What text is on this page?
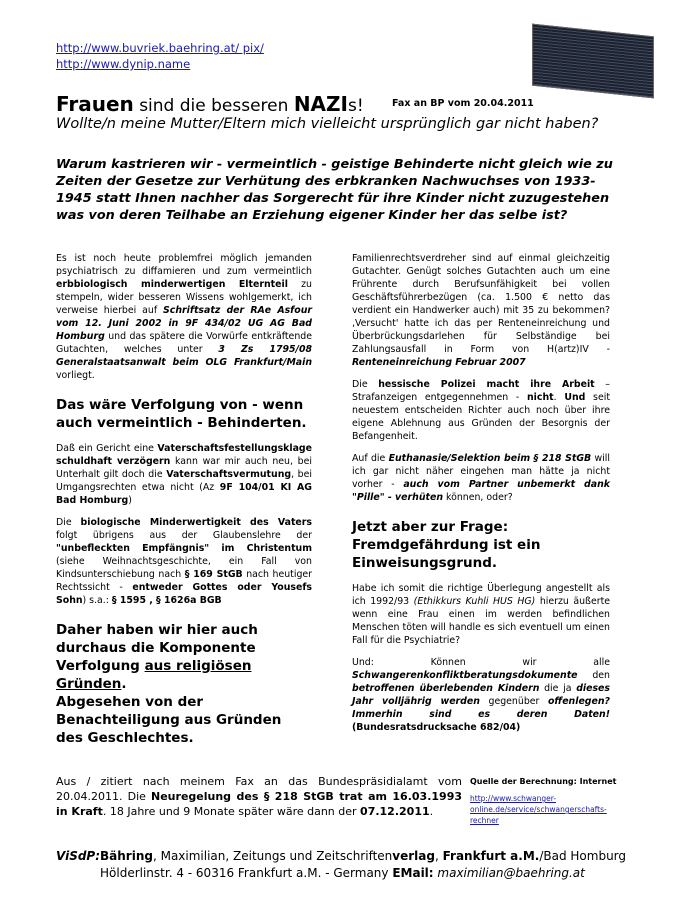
http://www.buvriek.baehring.at/ pix/
http://www.dynip.name
Frauen sind die besseren NAZIs!	Fax an BP vom 20.04.2011
Wollte/n meine Mutter/Eltern mich vielleicht ursprünglich gar nicht haben?
Warum kastrieren wir - vermeintlich - geistige Behinderte nicht gleich wie zu Zeiten der Gesetze zur Verhütung des erbkranken Nachwuchses von 1933-1945 statt Ihnen nachher das Sorgerecht für ihre Kinder nicht zuzugestehen was von deren Teilhabe an Erziehung eigener Kinder her das selbe ist?

Es ist noch heute problemfrei möglich jemanden psychiatrisch zu diffamieren und zum vermeintlich erbbiologisch minderwertigen Elternteil zu stempeln, wider besseren Wissens wohlgemerkt, ich verweise hierbei auf Schriftsatz der RAe Asfour vom 12. Juni 2002 in 9F 434/02 UG AG Bad Homburg und das spätere die Vorwürfe entkräftende Gutachten, welches unter 3 Zs 1795/08 Generalstaatsanwalt beim OLG Frankfurt/Main vorliegt.

Das wäre Verfolgung von - wenn auch vermeintlich - Behinderten.

Daß ein Gericht eine Vaterschaftsfestellungsklage schuldhaft verzögern kann war mir auch neu, bei Unterhalt gilt doch die Vaterschaftsvermutung, bei Umgangsrechten etwa nicht (Az 9F 104/01 KI AG Bad Homburg)

Die biologische Minderwertigkeit des Vaters folgt übrigens aus der Glaubenslehre der "unbefleckten Empfängnis" im Christentum (siehe Weihnachtsgeschichte, ein Fall von Kindsunterschiebung nach § 169 StGB nach heutiger Rechtssicht - entweder Gottes oder Yousefs Sohn) s.a.: § 1595 , § 1626a BGB

Daher haben wir hier auch durchaus die Komponente Verfolgung aus religiösen Gründen.

Abgesehen von der Benachteiligung aus Gründen des Geschlechtes.

Familienrechtsverdreher sind auf einmal gleichzeitig Gutachter. Genügt solches Gutachten auch um eine Frührente durch Berufsunfähigkeit bei vollen Geschäftsführerbezügen (ca. 1.500 € netto das verdient ein Handwerker auch) mit 35 zu bekommen? ‚Versucht' hatte ich das per Renteneinreichung und Überbrückungsdarlehen für Selbständige bei Zahlungsausfall in Form von H(artz)IV - Renteneinreichung Februar 2007

Die hessische Polizei macht ihre Arbeit – Strafanzeigen entgegennehmen - nicht. Und seit neuestem entscheiden Richter auch noch über ihre eigene Ablehnung aus Gründen der Besorgnis der Befangenheit.

Auf die Euthanasie/Selektion beim § 218 StGB will ich gar nicht näher eingehen man hätte ja nicht vorher - auch vom Partner unbemerkt dank "Pille" - verhüten können, oder?

Jetzt aber zur Frage: Fremdgefährdung ist ein Einweisungsgrund.

Habe ich somit die richtige Überlegung angestellt als ich 1992/93 (Ethikkurs Kuhli HUS HG) hierzu äußerte wenn eine Frau einen im werden befindlichen Menschen töten will handle es sich eventuell um einen Fall für die Psychiatrie?

Und: Können wir alle Schwangerenkonfliktberatungsdokumente den betroffenen überlebenden Kindern die ja dieses Jahr volljährig werden gegenüber offenlegen? Immerhin sind es deren Daten! (Bundesratsdrucksache 682/04)

Aus / zitiert nach meinem Fax an das Bundespräsidialamt vom 20.04.2011. Die Neuregelung des § 218 StGB trat am 16.03.1993 in Kraft. 18 Jahre und 9 Monate später wäre dann der 07.12.2011.
Quelle der Berechnung: Internet
http://www.schwanger-online.de/service/schwangerschafts-rechner
ViSdP:Bähring, Maximilian, Zeitungs und Zeitschriftenverlag, Frankfurt a.M./Bad Homburg
Hölderlinstr. 4 - 60316 Frankfurt a.M. - Germany EMail: maximilian@baehring.at
